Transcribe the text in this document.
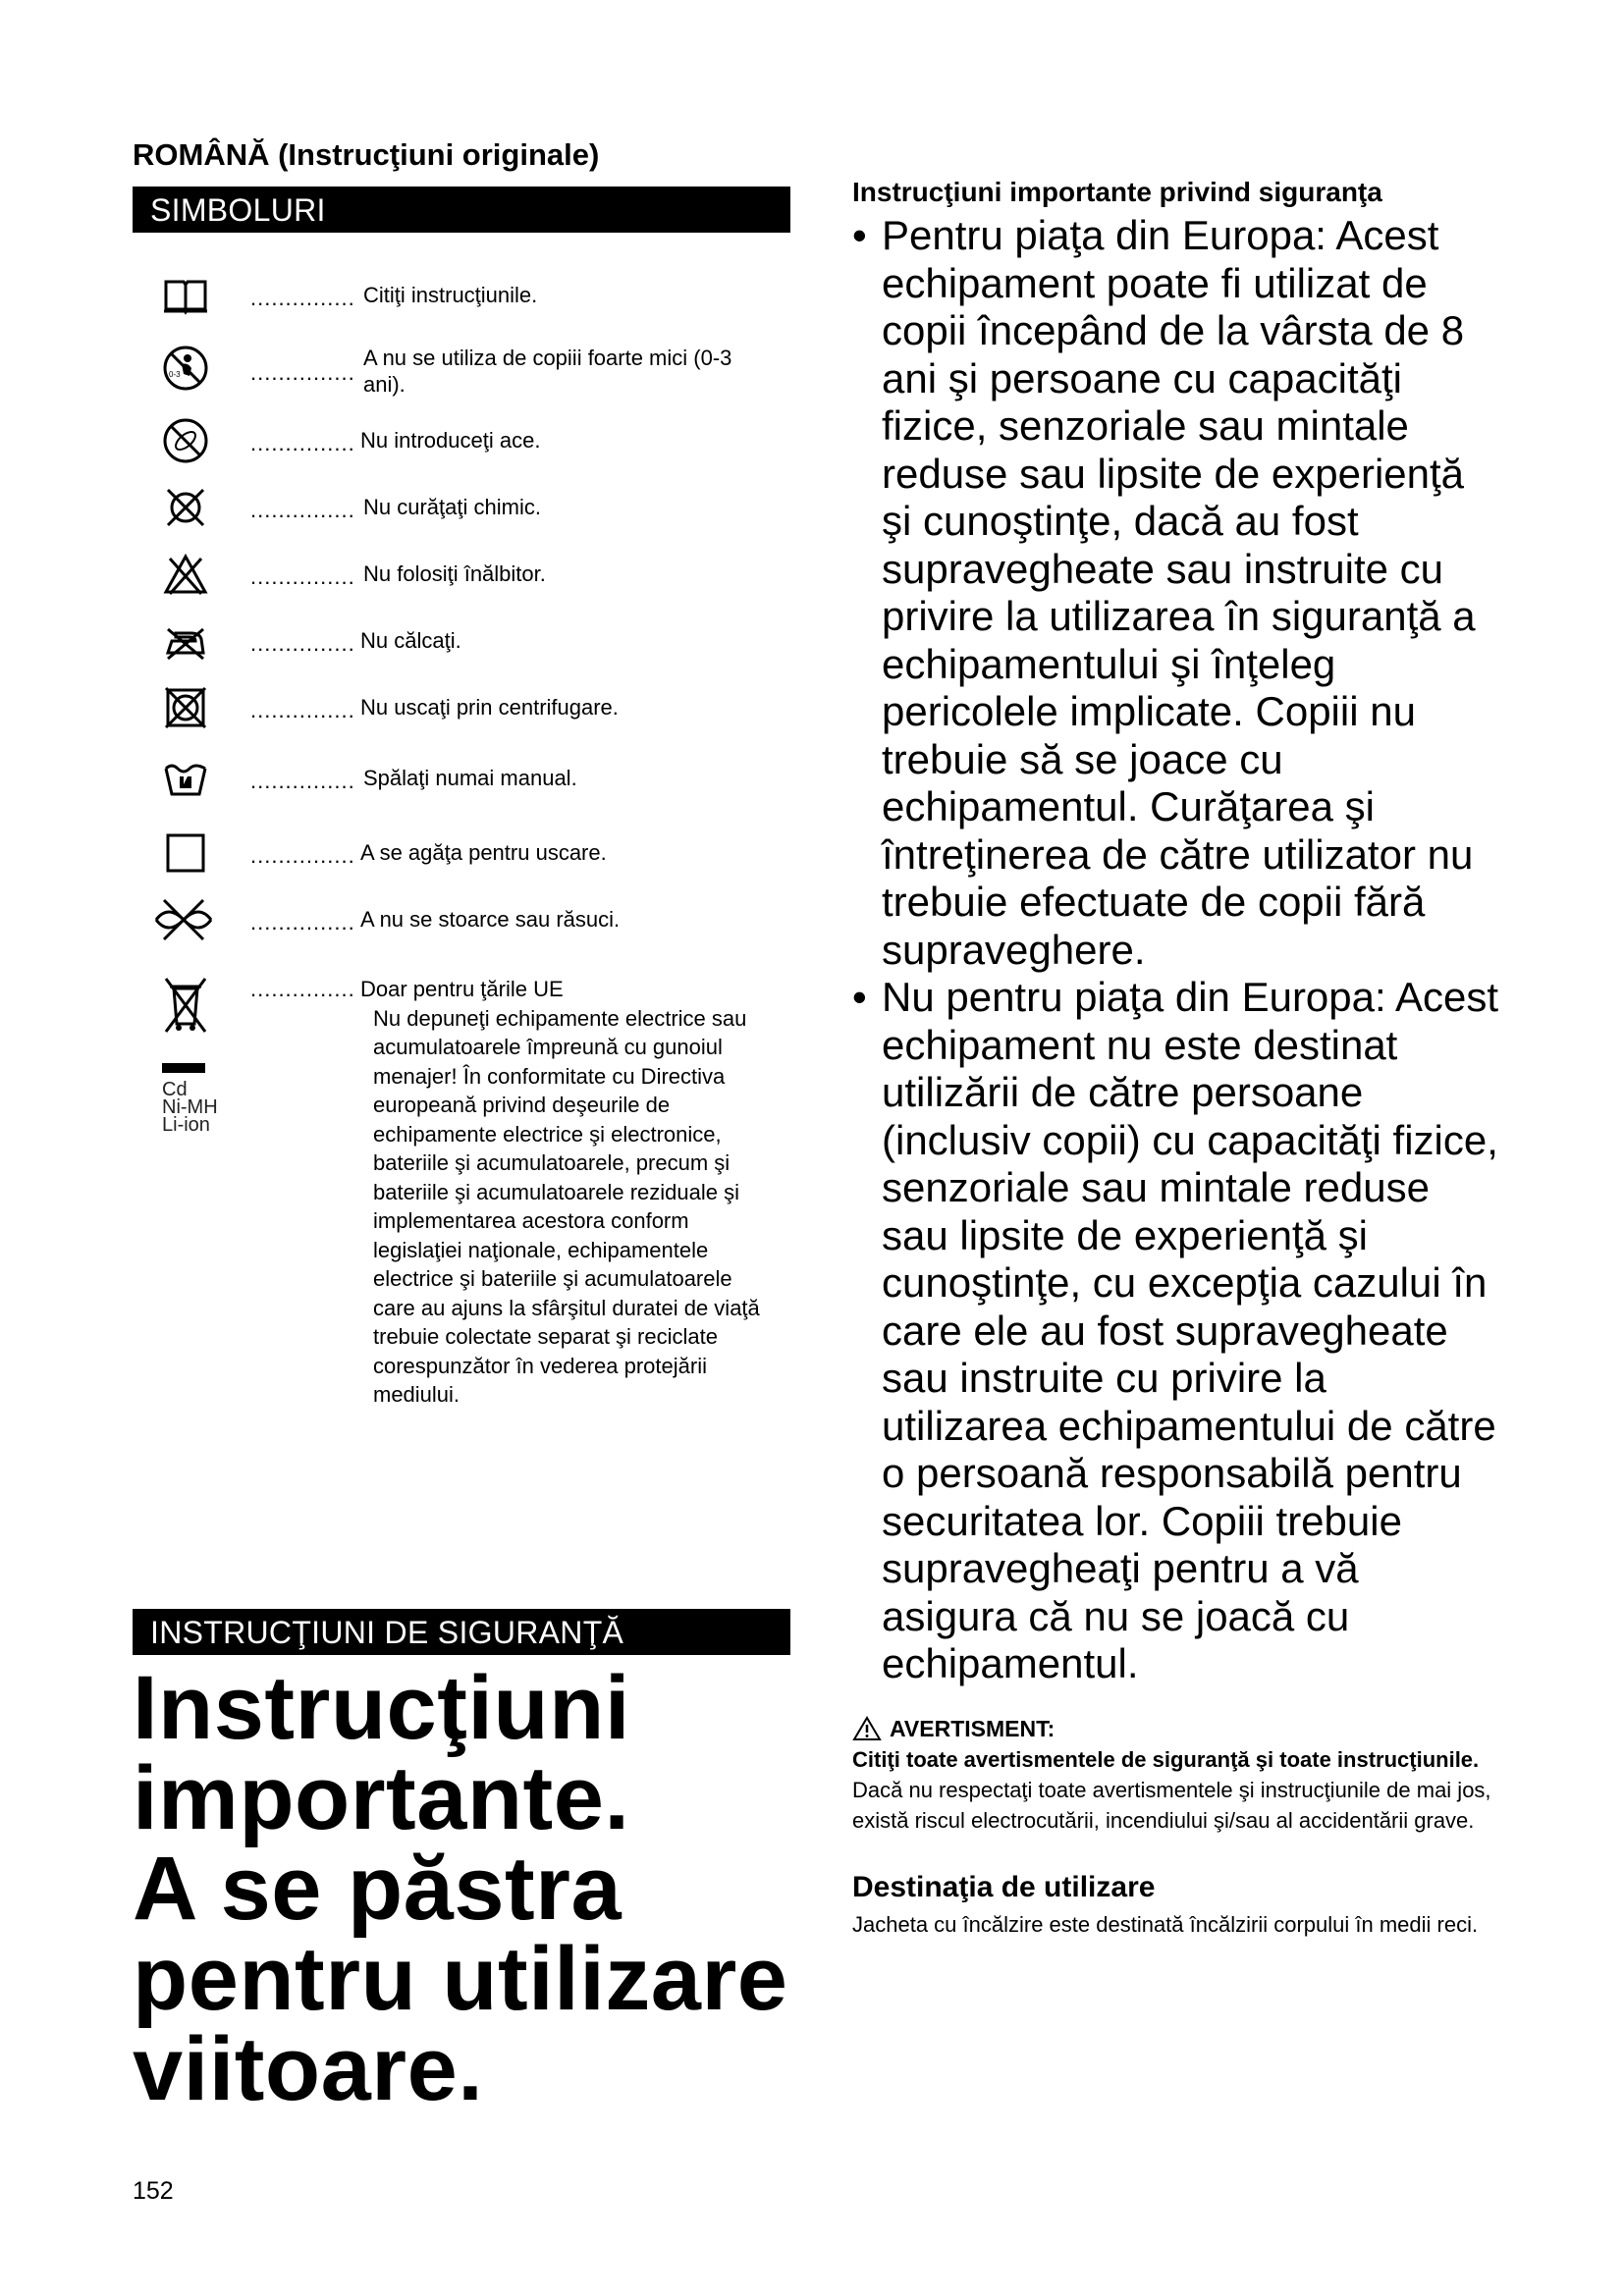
ROMÂNĂ (Instrucţiuni originale)
SIMBOLURI
............... Citiţi instrucţiunile.
0-3	...............
A nu se utiliza de copiii foarte mici (0-3 ani).
............... Nu introduceţi ace.
............... Nu curăţaţi chimic.
............... Nu folosiţi înălbitor.
............... Nu călcaţi.
............... Nu uscaţi prin centrifugare.
............... Spălaţi numai manual.
............... A se agăţa pentru uscare.
............... A nu se stoarce sau răsuci.
Cd
Ni-MH
Li-ion
............... Doar pentru ţările UE
Nu depuneţi echipamente electrice sau acumulatoarele împreună cu gunoiul menajer! În conformitate cu Directiva europeană privind deşeurile de echipamente electrice şi electronice, bateriile şi acumulatoarele, precum şi bateriile şi acumulatoarele reziduale şi implementarea acestora conform legislaţiei naţionale, echipamentele electrice şi bateriile şi acumulatoarele care au ajuns la sfârşitul duratei de viaţă trebuie colectate separat şi reciclate corespunzător în vederea protejării mediului.
INSTRUCŢIUNI DE SIGURANŢĂ
Instrucţiuni
importante.
A se păstra
pentru utilizare
viitoare.
Instrucţiuni importante privind siguranţa
• Pentru piaţa din Europa: Acest echipament poate fi utilizat de copii începând de la vârsta de 8 ani şi persoane cu capacităţi fizice, senzoriale sau mintale reduse sau lipsite de experienţă şi cunoştinţe, dacă au fost supravegheate sau instruite cu privire la utilizarea în siguranţă a echipamentului şi înţeleg pericolele implicate. Copiii nu trebuie să se joace cu echipamentul. Curăţarea şi întreţinerea de către utilizator nu trebuie efectuate de copii fără supraveghere.
• Nu pentru piaţa din Europa: Acest echipament nu este destinat utilizării de către persoane (inclusiv copii) cu capacităţi fizice, senzoriale sau mintale reduse sau lipsite de experienţă şi cunoştinţe, cu excepţia cazului în care ele au fost supravegheate sau instruite cu privire la utilizarea echipamentului de către o persoană responsabilă pentru securitatea lor. Copiii trebuie supravegheaţi pentru a vă asigura că nu se joacă cu echipamentul.
AVERTISMENT:
Citiţi toate avertismentele de siguranţă şi toate instrucţiunile. Dacă nu respectaţi toate avertismentele şi instrucţiunile de mai jos, există riscul electrocutării, incendiului şi/sau al accidentării grave.
Destinaţia de utilizare
Jacheta cu încălzire este destinată încălzirii corpului în medii reci.
152
